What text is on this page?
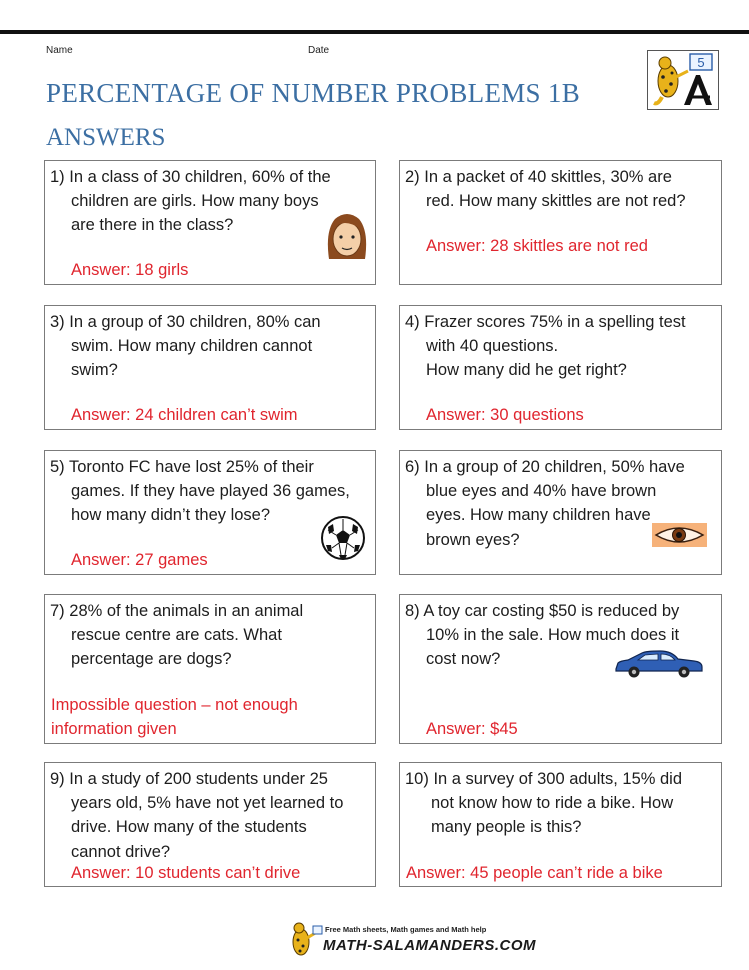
Name	Date
PERCENTAGE OF NUMBER PROBLEMS 1B
ANSWERS
5
1) In a class of 30 children, 60% of the
children are girls. How many boys
are there in the class?
Answer: 18 girls
2) In a packet of 40 skittles, 30% are
red. How many skittles are not red?
Answer: 28 skittles are not red
3) In a group of 30 children, 80% can
swim. How many children cannot
swim?
Answer: 24 children can’t swim
4) Frazer scores 75% in a spelling test
with 40 questions.
How many did he get right?
Answer: 30 questions
5) Toronto FC have lost 25% of their
games. If they have played 36 games,
how many didn’t they lose?
Answer: 27 games
6) In a group of 20 children, 50% have
blue eyes and 40% have brown
eyes. How many children have
brown eyes?
7) 28% of the animals in an animal
rescue centre are cats. What
percentage are dogs?
Impossible question – not enough
information given
8) A toy car costing $50 is reduced by
10% in the sale. How much does it
cost now?
Answer: $45
9) In a study of 200 students under 25
years old, 5% have not yet learned to
drive. How many of the students
cannot drive?
Answer: 10 students can’t drive
10) In a survey of 300 adults, 15% did
not know how to ride a bike. How
many people is this?
Answer: 45 people can’t ride a bike
Free Math sheets, Math games and Math help
MATH-SALAMANDERS.COM
